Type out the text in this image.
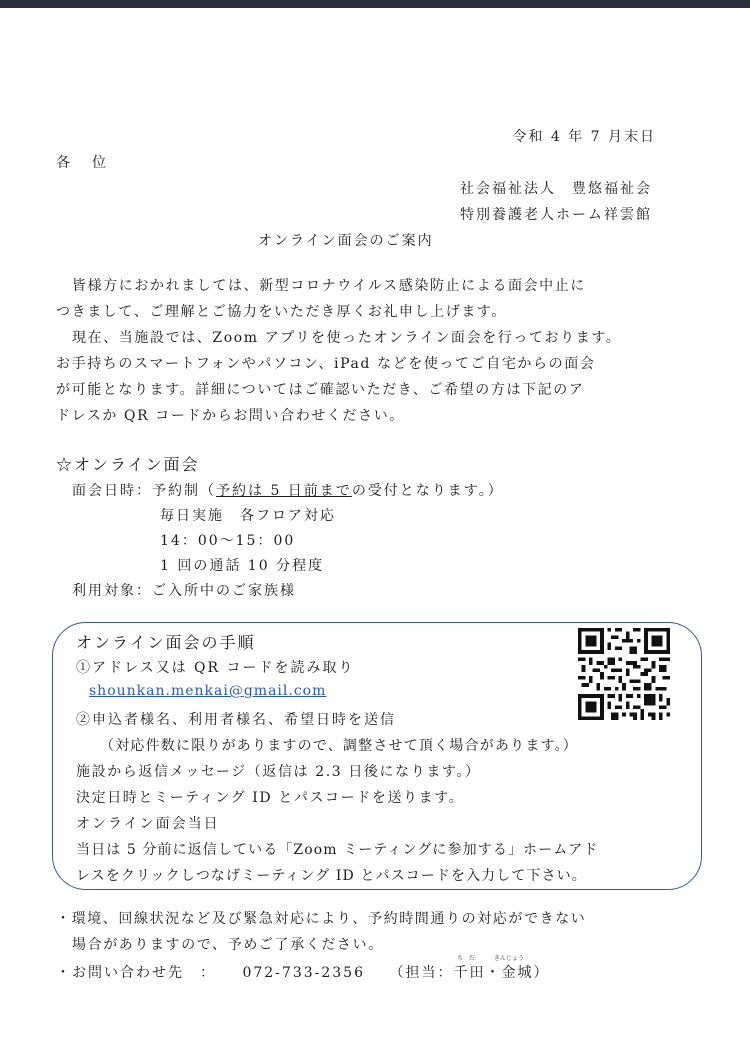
令和 4 年 7 月末日
各　位
社会福祉法人　豊悠福祉会
特別養護老人ホーム祥雲館
オンライン面会のご案内
皆様方におかれましては、新型コロナウイルス感染防止による面会中止に
つきまして、ご理解とご協力をいただき厚くお礼申し上げます。
現在、当施設では、Zoom アプリを使ったオンライン面会を行っております。
お手持ちのスマートフォンやパソコン、iPad などを使ってご自宅からの面会
が可能となります。詳細についてはご確認いただき、ご希望の方は下記のア
ドレスか QR コードからお問い合わせください。
☆オンライン面会
面会日時：予約制（予約は 5 日前までの受付となります。）
毎日実施　各フロア対応
14：00～15：00
1 回の通話 10 分程度
利用対象：ご入所中のご家族様
オンライン面会の手順
①アドレス又は QR コードを読み取り
shounkan.menkai@gmail.com
②申込者様名、利用者様名、希望日時を送信
（対応件数に限りがありますので、調整させて頂く場合があります。）
施設から返信メッセージ（返信は 2.3 日後になります。）
決定日時とミーティング ID とパスコードを送ります。
オンライン面会当日
当日は 5 分前に返信している「Zoom ミーティングに参加する」ホームアド
レスをクリックしつなげミーティング ID とパスコードを入力して下さい。
・環境、回線状況など及び緊急対応により、予約時間通りの対応ができない
場合がありますので、予めご了承ください。
・お問い合わせ先　： 072-733-2356 （担当：千田・金城）
ち　だ	きんじょう
